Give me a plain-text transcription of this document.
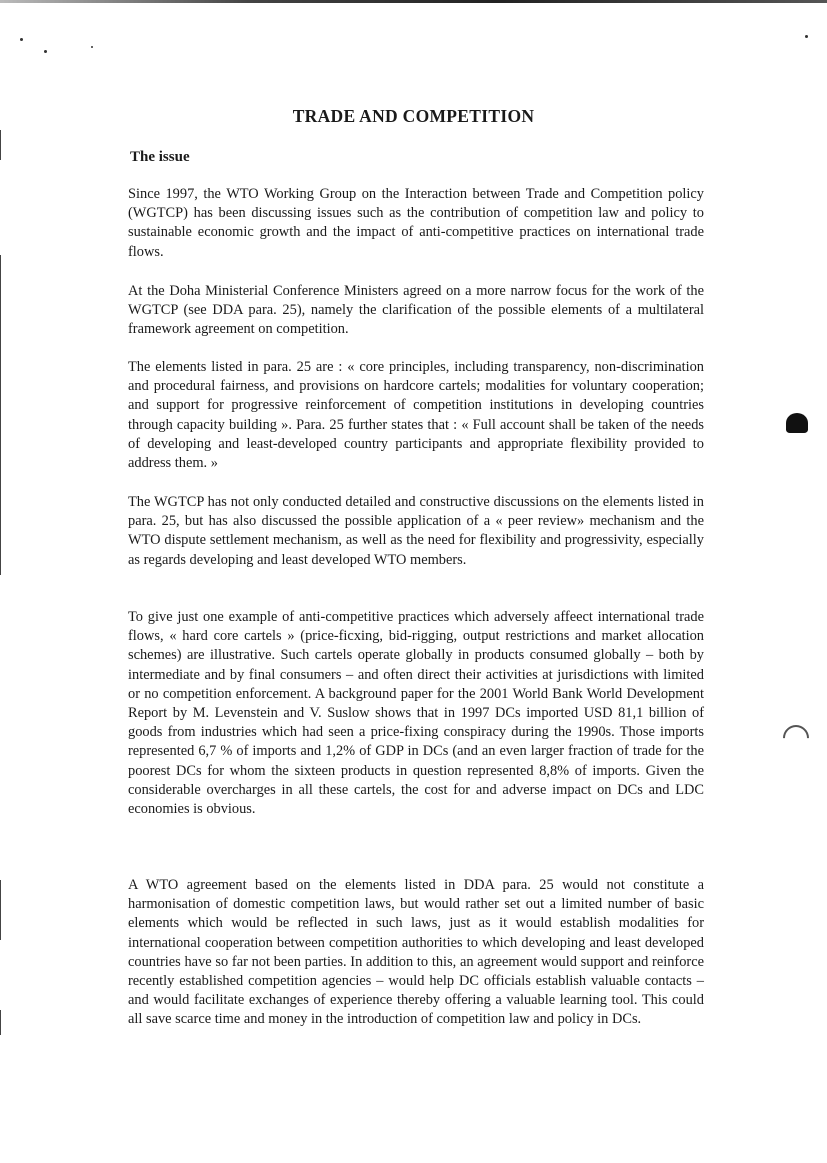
TRADE AND COMPETITION
The issue

Since 1997, the WTO Working Group on the Interaction between Trade and Competition policy (WGTCP) has been discussing issues such as the contribution of competition law and policy to sustainable economic growth and the impact of anti-competitive practices on international trade flows.

At the Doha Ministerial Conference Ministers agreed on a more narrow focus for the work of the WGTCP (see DDA para. 25), namely the clarification of the possible elements of a multilateral framework agreement on competition.

The elements listed in para. 25 are : « core principles, including transparency, non-discrimination and procedural fairness, and provisions on hardcore cartels; modalities for voluntary cooperation; and support for progressive reinforcement of competition institutions in developing countries through capacity building ». Para. 25 further states that : « Full account shall be taken of the needs of developing and least-developed country participants and appropriate flexibility provided to address them. »

The WGTCP has not only conducted detailed and constructive discussions on the elements listed in para. 25, but has also discussed the possible application of a « peer review» mechanism and the WTO dispute settlement mechanism, as well as the need for flexibility and progressivity, especially as regards developing and least developed WTO members.

To give just one example of anti-competitive practices which adversely affeect international trade flows, « hard core cartels » (price-ficxing, bid-rigging, output restrictions and market allocation schemes) are illustrative. Such cartels operate globally in products consumed globally – both by intermediate and by final consumers – and often direct their activities at jurisdictions with limited or no competition enforcement. A background paper for the 2001 World Bank World Development Report by M. Levenstein and V. Suslow shows that in 1997 DCs imported USD 81,1 billion of goods from industries which had seen a price-fixing conspiracy during the 1990s. Those imports represented 6,7 % of imports and 1,2% of GDP in DCs (and an even larger fraction of trade for the poorest DCs for whom the sixteen products in question represented 8,8% of imports. Given the considerable overcharges in all these cartels, the cost for and adverse impact on DCs and LDC economies is obvious.

A WTO agreement based on the elements listed in DDA para. 25 would not constitute a harmonisation of domestic competition laws, but would rather set out a limited number of basic elements which would be reflected in such laws, just as it would establish modalities for international cooperation between competition authorities to which developing and least developed countries have so far not been parties. In addition to this, an agreement would support and reinforce recently established competition agencies – would help DC officials establish valuable contacts – and would facilitate exchanges of experience thereby offering a valuable learning tool. This could all save scarce time and money in the introduction of competition law and policy in DCs.
